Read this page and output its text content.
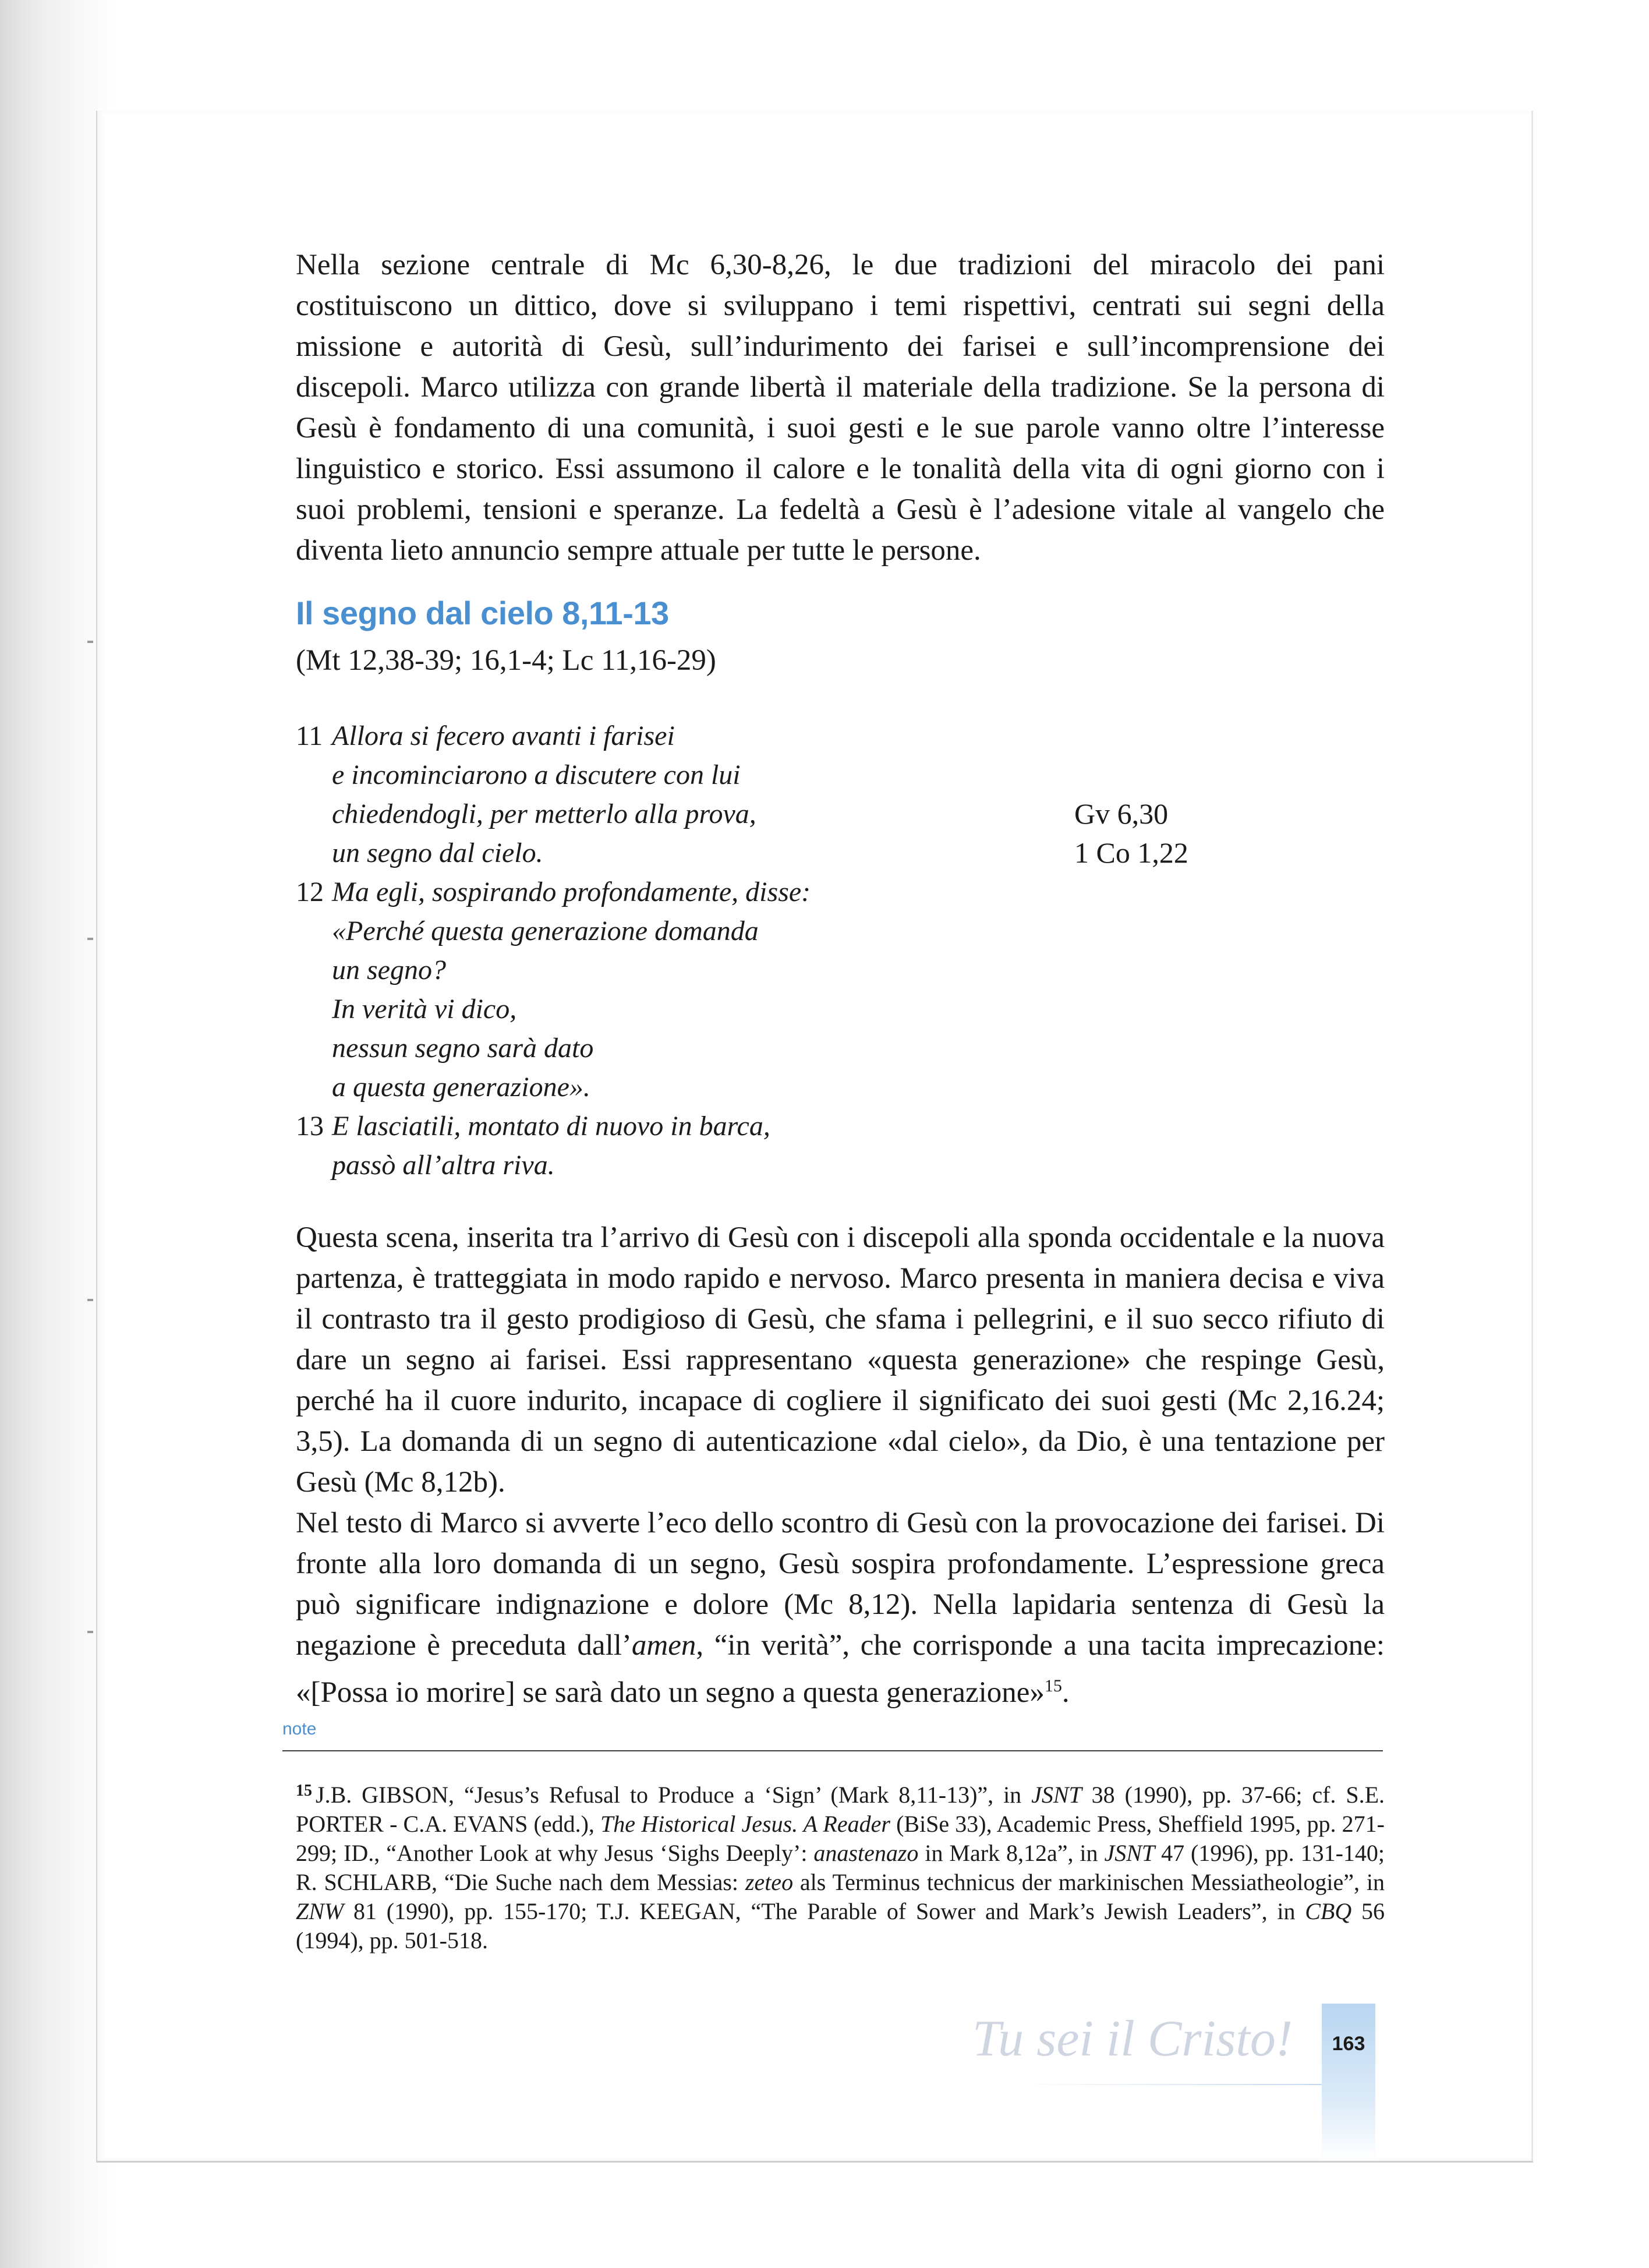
Nella sezione centrale di Mc 6,30-8,26, le due tradizioni del miracolo dei pani costituiscono un dittico, dove si sviluppano i temi rispettivi, centrati sui segni della missione e autorità di Gesù, sull’indurimento dei farisei e sull’incomprensione dei discepoli. Marco utilizza con grande libertà il materiale della tradizione. Se la persona di Gesù è fondamento di una comunità, i suoi gesti e le sue parole vanno oltre l’interesse linguistico e storico. Essi assumono il calore e le tonalità della vita di ogni giorno con i suoi problemi, tensioni e speranze. La fedeltà a Gesù è l’adesione vitale al vangelo che diventa lieto annuncio sempre attuale per tutte le persone.

Il segno dal cielo 8,11-13
(Mt 12,38-39; 16,1-4; Lc 11,16-29)
11 Allora si fecero avanti i farisei
e incominciarono a discutere con lui
chiedendogli, per metterlo alla prova,
un segno dal cielo.
12 Ma egli, sospirando profondamente, disse:
«Perché questa generazione domanda
un segno?
In verità vi dico,
nessun segno sarà dato
a questa generazione».
13 E lasciatili, montato di nuovo in barca,
passò all’altra riva.
Gv 6,30
1 Co 1,22

Questa scena, inserita tra l’arrivo di Gesù con i discepoli alla sponda occidentale e la nuova partenza, è tratteggiata in modo rapido e nervoso. Marco presenta in maniera decisa e viva il contrasto tra il gesto prodigioso di Gesù, che sfama i pellegrini, e il suo secco rifiuto di dare un segno ai farisei. Essi rappresentano «questa generazione» che respinge Gesù, perché ha il cuore indurito, incapace di cogliere il significato dei suoi gesti (Mc 2,16.24; 3,5). La domanda di un segno di autenticazione «dal cielo», da Dio, è una tentazione per Gesù (Mc 8,12b).

Nel testo di Marco si avverte l’eco dello scontro di Gesù con la provocazione dei farisei. Di fronte alla loro domanda di un segno, Gesù sospira profondamente. L’espressione greca può significare indignazione e dolore (Mc 8,12). Nella lapidaria sentenza di Gesù la negazione è preceduta dall’amen, “in verità”, che corrisponde a una tacita imprecazione: «[Possa io morire] se sarà dato un segno a questa generazione»$^{15}$.

note
$^{15}$ J.B. GIBSON, “Jesus’s Refusal to Produce a ‘Sign’ (Mark 8,11-13)”, in JSNT 38 (1990), pp. 37-66; cf. S.E. PORTER - C.A. EVANS (edd.), The Historical Jesus. A Reader (BiSe 33), Academic Press, Sheffield 1995, pp. 271-299; ID., “Another Look at why Jesus ‘Sighs Deeply’: anastenazo in Mark 8,12a”, in JSNT 47 (1996), pp. 131-140; R. SCHLARB, “Die Suche nach dem Messias: zeteo als Terminus technicus der markinischen Messiatheologie”, in ZNW 81 (1990), pp. 155-170; T.J. KEEGAN, “The Parable of Sower and Mark’s Jewish Leaders”, in CBQ 56 (1994), pp. 501-518.
Tu sei il Cristo!	163
